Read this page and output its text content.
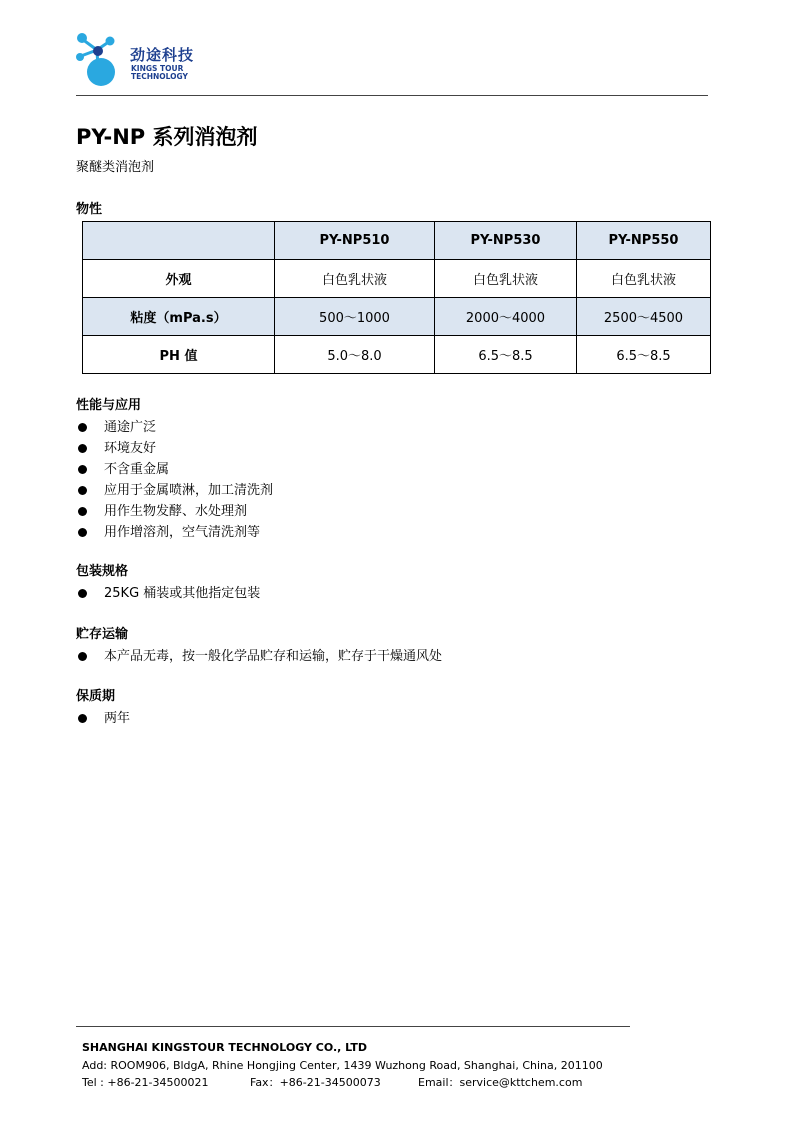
劲途科技
KINGS TOUR
TECHNOLOGY
PY-NP 系列消泡剂
聚醚类消泡剂
物性
	PY-NP510	PY-NP530	PY-NP550
外观	白色乳状液	白色乳状液	白色乳状液
粘度（mPa.s）	500～1000	2000～4000	2500～4500
PH 值	5.0～8.0	6.5～8.5	6.5～8.5
性能与应用
通途广泛
环境友好
不含重金属
应用于金属喷淋，加工清洗剂
用作生物发酵、水处理剂
用作增溶剂，空气清洗剂等
包装规格
25KG 桶装或其他指定包装
贮存运输
本产品无毒，按一般化学品贮存和运输，贮存于干燥通风处
保质期
两年
SHANGHAI KINGSTOUR TECHNOLOGY CO., LTD
Add: ROOM906, BldgA, Rhine Hongjing Center, 1439 Wuzhong Road, Shanghai, China, 201100
Tel : +86-21-34500021	Fax：+86-21-34500073	Email：service@kttchem.com
